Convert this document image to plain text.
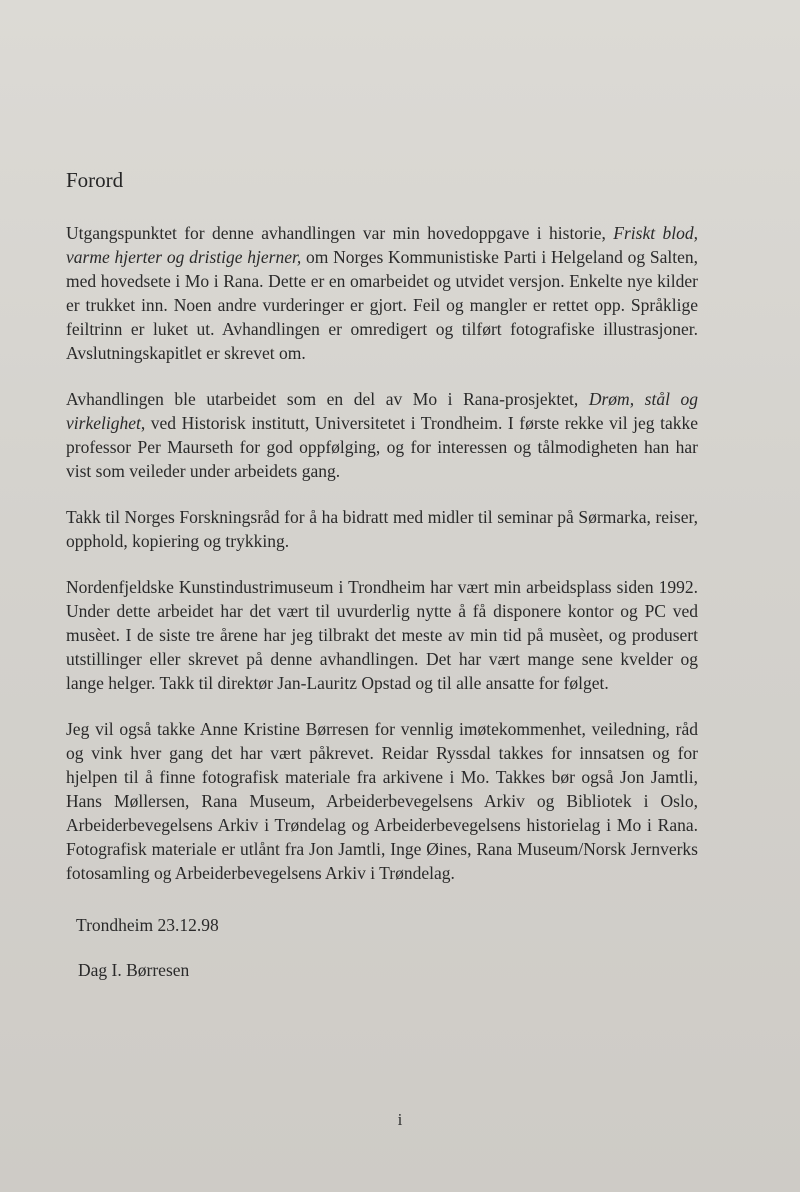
Forord

Utgangspunktet for denne avhandlingen var min hovedoppgave i historie, Friskt blod, varme hjerter og dristige hjerner, om Norges Kommunistiske Parti i Helgeland og Salten, med hovedsete i Mo i Rana. Dette er en omarbeidet og utvidet versjon. Enkelte nye kilder er trukket inn. Noen andre vurderinger er gjort. Feil og mangler er rettet opp. Språklige feiltrinn er luket ut. Avhandlingen er omredigert og tilført fotografiske illustrasjoner. Avslutningskapitlet er skrevet om.

Avhandlingen ble utarbeidet som en del av Mo i Rana-prosjektet, Drøm, stål og virkelighet, ved Historisk institutt, Universitetet i Trondheim. I første rekke vil jeg takke professor Per Maurseth for god oppfølging, og for interessen og tålmodigheten han har vist som veileder under arbeidets gang.

Takk til Norges Forskningsråd for å ha bidratt med midler til seminar på Sørmarka, reiser, opphold, kopiering og trykking.

Nordenfjeldske Kunstindustrimuseum i Trondheim har vært min arbeidsplass siden 1992. Under dette arbeidet har det vært til uvurderlig nytte å få disponere kontor og PC ved musèet. I de siste tre årene har jeg tilbrakt det meste av min tid på musèet, og produsert utstillinger eller skrevet på denne avhandlingen. Det har vært mange sene kvelder og lange helger. Takk til direktør Jan-Lauritz Opstad og til alle ansatte for følget.

Jeg vil også takke Anne Kristine Børresen for vennlig imøtekommenhet, veiledning, råd og vink hver gang det har vært påkrevet. Reidar Ryssdal takkes for innsatsen og for hjelpen til å finne fotografisk materiale fra arkivene i Mo. Takkes bør også Jon Jamtli, Hans Møllersen, Rana Museum, Arbeiderbevegelsens Arkiv og Bibliotek i Oslo, Arbeiderbevegelsens Arkiv i Trøndelag og Arbeiderbevegelsens historielag i Mo i Rana. Fotografisk materiale er utlånt fra Jon Jamtli, Inge Øines, Rana Museum/Norsk Jernverks fotosamling og Arbeiderbevegelsens Arkiv i Trøndelag.

Trondheim 23.12.98
Dag I. Børresen
i
